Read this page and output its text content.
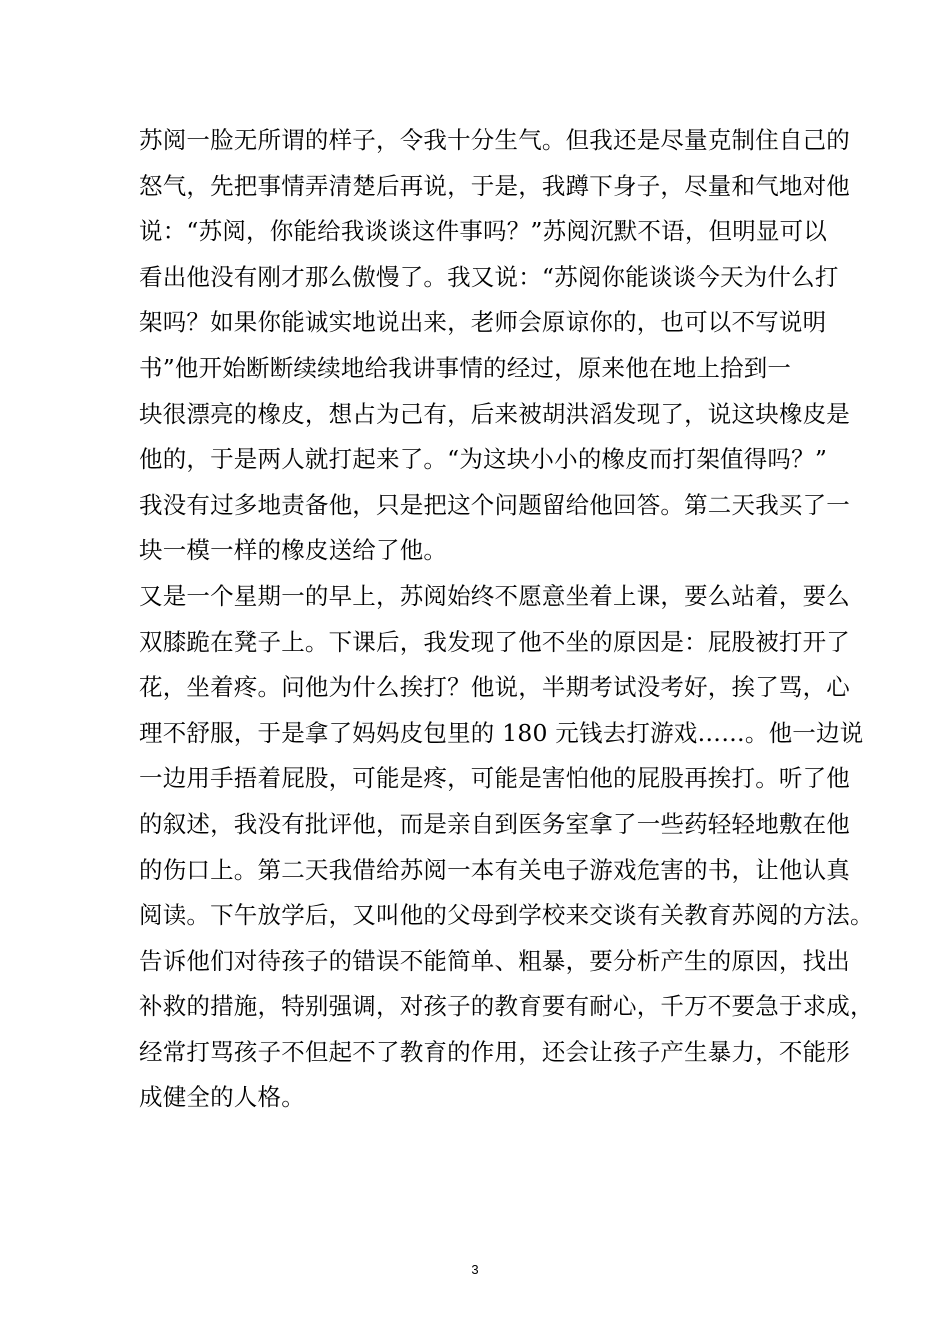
苏阅一脸无所谓的样子，令我十分生气。但我还是尽量克制住自己的
怒气，先把事情弄清楚后再说，于是，我蹲下身子，尽量和气地对他
说：“苏阅，你能给我谈谈这件事吗？”苏阅沉默不语，但明显可以
看出他没有刚才那么傲慢了。我又说：“苏阅你能谈谈今天为什么打
架吗？如果你能诚实地说出来，老师会原谅你的，也可以不写说明
书”他开始断断续续地给我讲事情的经过，原来他在地上拾到一
块很漂亮的橡皮，想占为己有，后来被胡洪滔发现了，说这块橡皮是
他的，于是两人就打起来了。“为这块小小的橡皮而打架值得吗？”
我没有过多地责备他，只是把这个问题留给他回答。第二天我买了一
块一模一样的橡皮送给了他。
又是一个星期一的早上，苏阅始终不愿意坐着上课，要么站着，要么
双膝跪在凳子上。下课后，我发现了他不坐的原因是：屁股被打开了
花，坐着疼。问他为什么挨打？他说，半期考试没考好，挨了骂，心
理不舒服，于是拿了妈妈皮包里的 180 元钱去打游戏……。他一边说
一边用手捂着屁股，可能是疼，可能是害怕他的屁股再挨打。听了他
的叙述，我没有批评他，而是亲自到医务室拿了一些药轻轻地敷在他
的伤口上。第二天我借给苏阅一本有关电子游戏危害的书，让他认真
阅读。下午放学后，又叫他的父母到学校来交谈有关教育苏阅的方法。
告诉他们对待孩子的错误不能简单、粗暴，要分析产生的原因，找出
补救的措施，特别强调，对孩子的教育要有耐心，千万不要急于求成，
经常打骂孩子不但起不了教育的作用，还会让孩子产生暴力，不能形
成健全的人格。
3
